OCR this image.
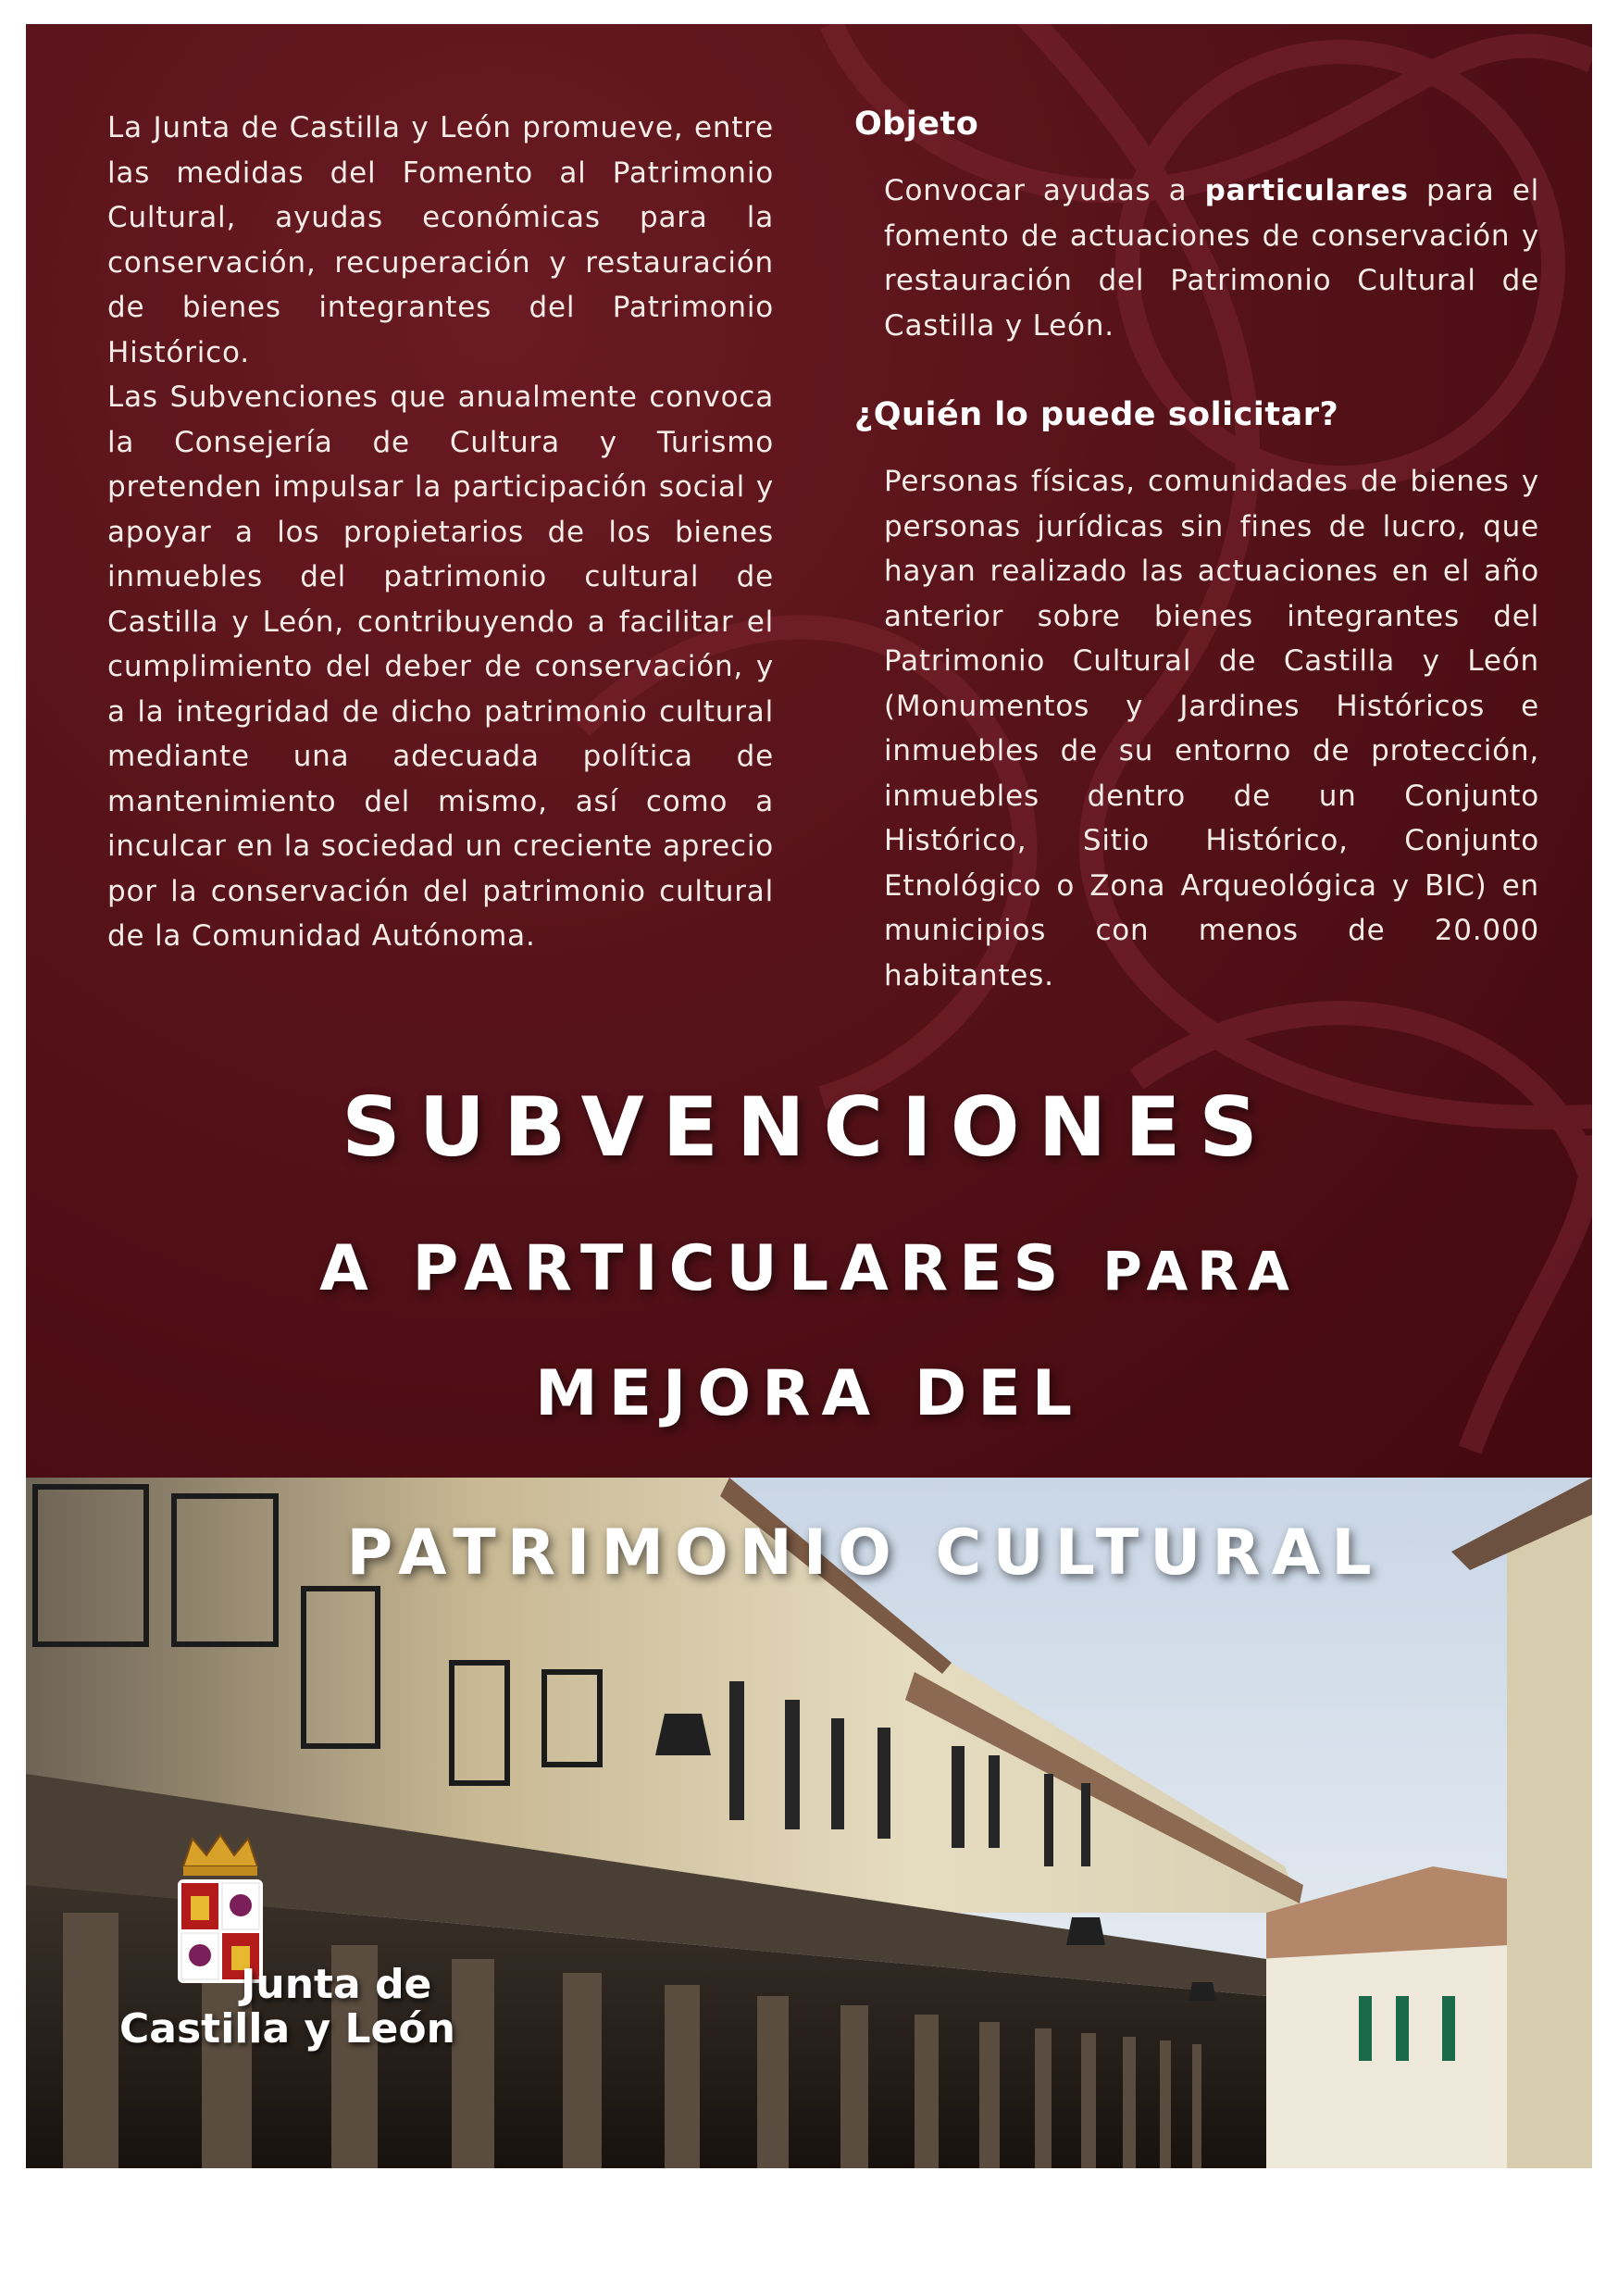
La Junta de Castilla y León promueve, entre las medidas del Fomento al Patrimonio Cultural, ayudas económicas para la conservación, recuperación y restauración de bienes integrantes del Patrimonio Histórico.

Las Subvenciones que anualmente convoca la Consejería de Cultura y Turismo pretenden impulsar la participación social y apoyar a los propietarios de los bienes inmuebles del patrimonio cultural de Castilla y León, contribuyendo a facilitar el cumplimiento del deber de conservación, y a la integridad de dicho patrimonio cultural mediante una adecuada política de mantenimiento del mismo, así como a inculcar en la sociedad un creciente aprecio por la conservación del patrimonio cultural de la Comunidad Autónoma.

Objeto

Convocar ayudas a particulares para el fomento de actuaciones de conservación y restauración del Patrimonio Cultural de Castilla y León.

¿Quién lo puede solicitar?

Personas físicas, comunidades de bienes y personas jurídicas sin fines de lucro, que hayan realizado las actuaciones en el año anterior sobre bienes integrantes del Patrimonio Cultural de Castilla y León (Monumentos y Jardines Históricos e inmuebles de su entorno de protección, inmuebles dentro de un Conjunto Histórico, Sitio Histórico, Conjunto Etnológico o Zona Arqueológica y BIC) en municipios con menos de 20.000 habitantes.

SUBVENCIONES
A PARTICULARES PARA
MEJORA DEL
PATRIMONIO CULTURAL
Junta de
Castilla y León
